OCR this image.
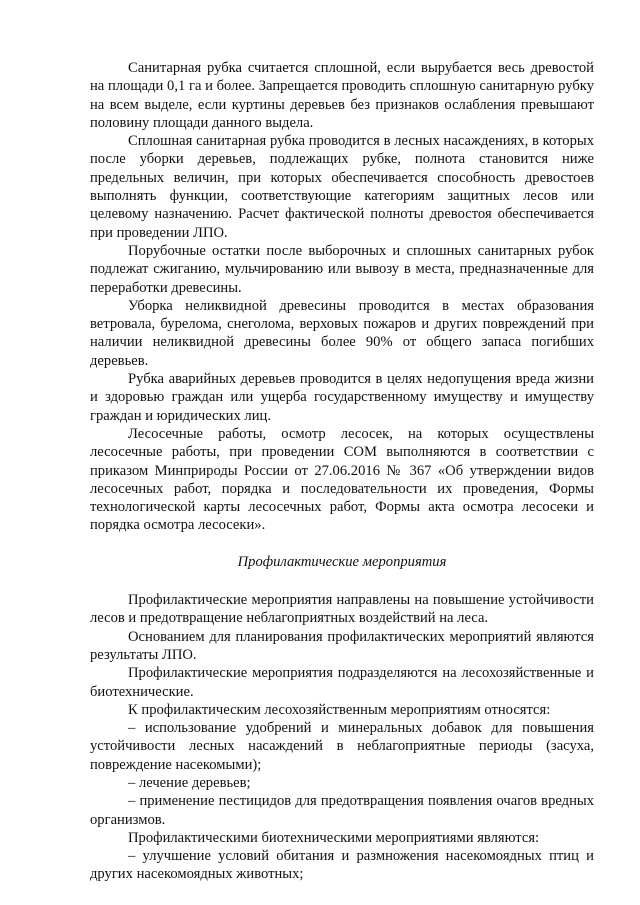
Санитарная рубка считается сплошной, если вырубается весь древостой на площади 0,1 га и более. Запрещается проводить сплошную санитарную рубку на всем выделе, если куртины деревьев без признаков ослабления превышают половину площади данного выдела.

Сплошная санитарная рубка проводится в лесных насаждениях, в которых после уборки деревьев, подлежащих рубке, полнота становится ниже предельных величин, при которых обеспечивается способность древостоев выполнять функции, соответствующие категориям защитных лесов или целевому назначению. Расчет фактической полноты древостоя обеспечивается при проведении ЛПО.

Порубочные остатки после выборочных и сплошных санитарных рубок подлежат сжиганию, мульчированию или вывозу в места, предназначенные для переработки древесины.

Уборка неликвидной древесины проводится в местах образования ветровала, бурелома, снеголома, верховых пожаров и других повреждений при наличии неликвидной древесины более 90% от общего запаса погибших деревьев.

Рубка аварийных деревьев проводится в целях недопущения вреда жизни и здоровью граждан или ущерба государственному имуществу и имуществу граждан и юридических лиц.

Лесосечные работы, осмотр лесосек, на которых осуществлены лесосечные работы, при проведении СОМ выполняются в соответствии с приказом Минприроды России от 27.06.2016 № 367 «Об утверждении видов лесосечных работ, порядка и последовательности их проведения, Формы технологической карты лесосечных работ, Формы акта осмотра лесосеки и порядка осмотра лесосеки».

Профилактические мероприятия

Профилактические мероприятия направлены на повышение устойчивости лесов и предотвращение неблагоприятных воздействий на леса.

Основанием для планирования профилактических мероприятий являются результаты ЛПО.

Профилактические мероприятия подразделяются на лесохозяйственные и биотехнические.

К профилактическим лесохозяйственным мероприятиям относятся:

– использование удобрений и минеральных добавок для повышения устойчивости лесных насаждений в неблагоприятные периоды (засуха, повреждение насекомыми);

– лечение деревьев;

– применение пестицидов для предотвращения появления очагов вредных организмов.

Профилактическими биотехническими мероприятиями являются:

– улучшение условий обитания и размножения насекомоядных птиц и других насекомоядных животных;
